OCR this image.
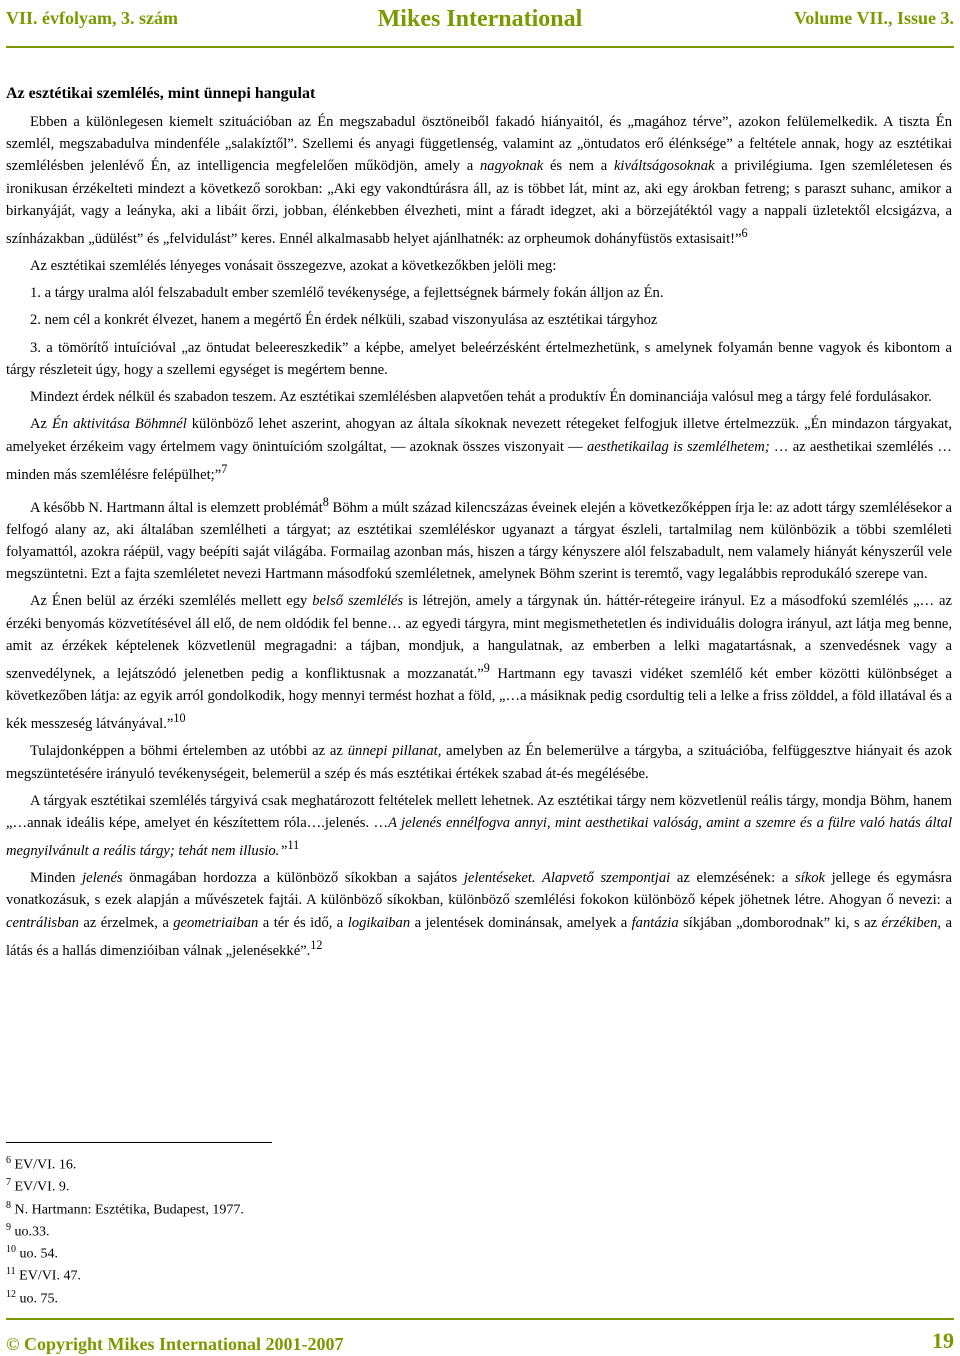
VII. évfolyam, 3. szám	Mikes International	Volume VII., Issue 3.
Az esztétikai szemlélés, mint ünnepi hangulat

Ebben a különlegesen kiemelt szituációban az Én megszabadul ösztöneiből fakadó hiányaitól, és „magához térve”, azokon felülemelkedik. A tiszta Én szemlél, megszabadulva mindenféle „salakíztől”. Szellemi és anyagi függetlenség, valamint az „öntudatos erő élénksége” a feltétele annak, hogy az esztétikai szemlélésben jelenlévő Én, az intelligencia megfelelően működjön, amely a nagyoknak és nem a kiváltságosoknak a privilégiuma. Igen szemléletesen és ironikusan érzékelteti mindezt a következő sorokban: „Aki egy vakondtúrásra áll, az is többet lát, mint az, aki egy árokban fetreng; s paraszt suhanc, amikor a birkanyáját, vagy a leányka, aki a libáit őrzi, jobban, élénkebben élvezheti, mint a fáradt idegzet, aki a börzejátéktól vagy a nappali üzletektől elcsigázva, a színházakban „üdülést” és „felvidulást” keres. Ennél alkalmasabb helyet ajánlhatnék: az orpheumok dohányfüstös extasisait!”$^6$

Az esztétikai szemlélés lényeges vonásait összegezve, azokat a következőkben jelöli meg:

1. a tárgy uralma alól felszabadult ember szemlélő tevékenysége, a fejlettségnek bármely fokán álljon az Én.

2. nem cél a konkrét élvezet, hanem a megértő Én érdek nélküli, szabad viszonyulása az esztétikai tárgyhoz

3. a tömörítő intuícióval „az öntudat beleereszkedik” a képbe, amelyet beleérzésként értelmezhetünk, s amelynek folyamán benne vagyok és kibontom a tárgy részleteit úgy, hogy a szellemi egységet is megértem benne.

Mindezt érdek nélkül és szabadon teszem. Az esztétikai szemlélésben alapvetően tehát a produktív Én dominanciája valósul meg a tárgy felé fordulásakor.

Az Én aktivitása Böhmnél különböző lehet aszerint, ahogyan az általa síkoknak nevezett rétegeket felfogjuk illetve értelmezzük. „Én mindazon tárgyakat, amelyeket érzékeim vagy értelmem vagy önintuícióm szolgáltat, — azoknak összes viszonyait — aesthetikailag is szemlélhetem; … az aesthetikai szemlélés … minden más szemlélésre felépülhet;”$^7$

A később N. Hartmann által is elemzett problémát$^8$ Böhm a múlt század kilencszázas éveinek elején a következőképpen írja le: az adott tárgy szemlélésekor a felfogó alany az, aki általában szemlélheti a tárgyat; az esztétikai szemléléskor ugyanazt a tárgyat észleli, tartalmilag nem különbözik a többi szemléleti folyamattól, azokra ráépül, vagy beépíti saját világába. Formailag azonban más, hiszen a tárgy kényszere alól felszabadult, nem valamely hiányát kényszerűl vele megszüntetni. Ezt a fajta szemléletet nevezi Hartmann másodfokú szemléletnek, amelynek Böhm szerint is teremtő, vagy legalábbis reprodukáló szerepe van.

Az Énen belül az érzéki szemlélés mellett egy belső szemlélés is létrejön, amely a tárgynak ún. háttér-rétegeire irányul. Ez a másodfokú szemlélés „… az érzéki benyomás közvetítésével áll elő, de nem oldódik fel benne… az egyedi tárgyra, mint megismethetetlen és individuális dologra irányul, azt látja meg benne, amit az érzékek képtelenek közvetlenül megragadni: a tájban, mondjuk, a hangulatnak, az emberben a lelki magatartásnak, a szenvedésnek vagy a szenvedélynek, a lejátszódó jelenetben pedig a konfliktusnak a mozzanatát.”$^9$ Hartmann egy tavaszi vidéket szemlélő két ember közötti különbséget a következőben látja: az egyik arról gondolkodik, hogy mennyi termést hozhat a föld, „…a másiknak pedig csordultig teli a lelke a friss zölddel, a föld illatával és a kék messzeség látványával.”$^{10}$

Tulajdonképpen a böhmi értelemben az utóbbi az az ünnepi pillanat, amelyben az Én belemerülve a tárgyba, a szituációba, felfüggesztve hiányait és azok megszüntetésére irányuló tevékenységeit, belemerül a szép és más esztétikai értékek szabad át-és megélésébe.

A tárgyak esztétikai szemlélés tárgyivá csak meghatározott feltételek mellett lehetnek. Az esztétikai tárgy nem közvetlenül reális tárgy, mondja Böhm, hanem „…annak ideális képe, amelyet én készítettem róla….jelenés. …A jelenés ennélfogva annyi, mint aesthetikai valóság, amint a szemre és a fülre való hatás által megnyilvánult a reális tárgy; tehát nem illusio.”$^{11}$

Minden jelenés önmagában hordozza a különböző síkokban a sajátos jelentéseket. Alapvető szempontjai az elemzésének: a síkok jellege és egymásra vonatkozásuk, s ezek alapján a művészetek fajtái. A különböző síkokban, különböző szemlélési fokokon különböző képek jöhetnek létre. Ahogyan ő nevezi: a centrálisban az érzelmek, a geometriaiban a tér és idő, a logikaiban a jelentések dominánsak, amelyek a fantázia síkjában „domborodnak” ki, s az érzékiben, a látás és a hallás dimenzióiban válnak „jelenésekké”.$^{12}$

$^6$ EV/VI. 16.
$^7$ EV/VI. 9.
$^8$ N. Hartmann: Esztétika, Budapest, 1977.
$^9$ uo.33.
$^{10}$ uo. 54.
$^{11}$ EV/VI. 47.
$^{12}$ uo. 75.
© Copyright Mikes International 2001-2007	19
